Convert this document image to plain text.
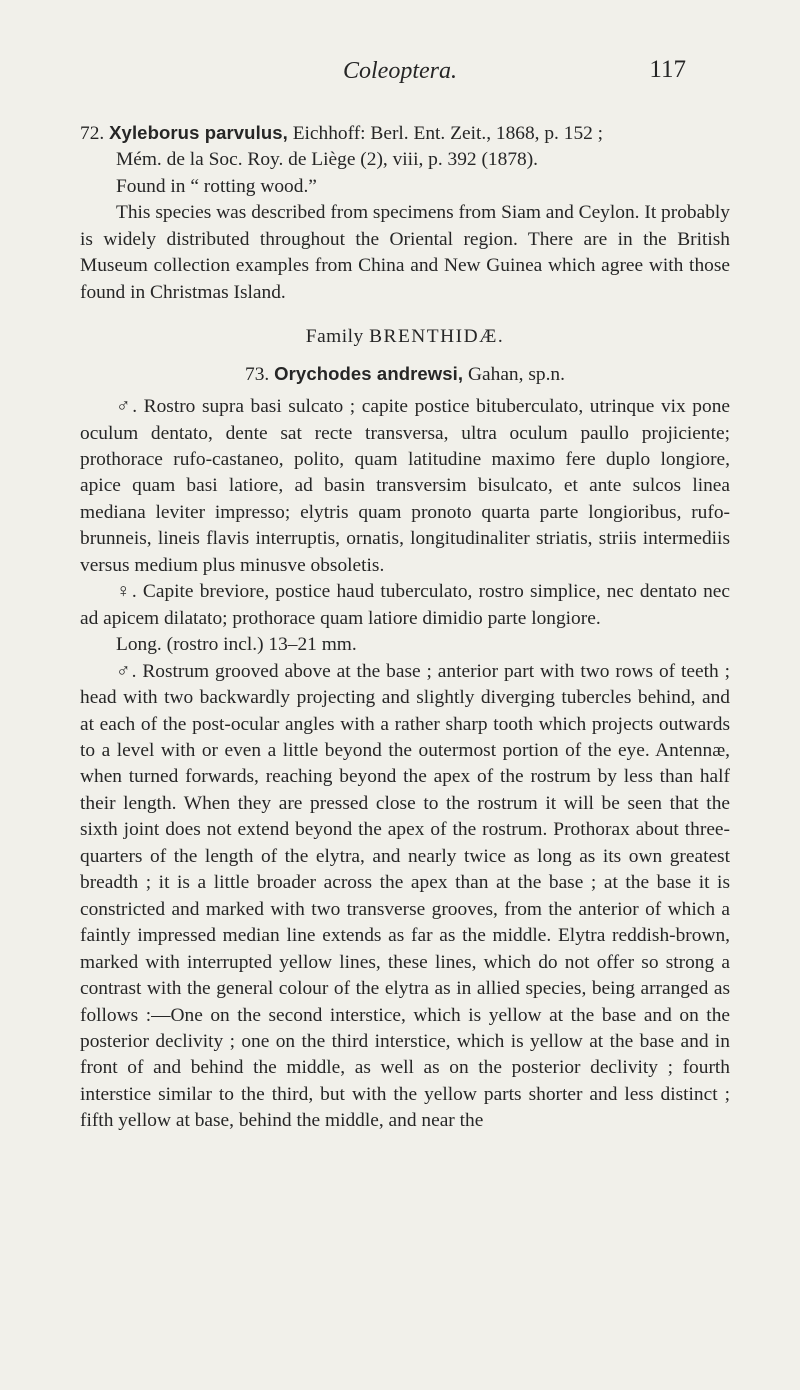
Coleoptera.	117

72. Xyleborus parvulus, Eichhoff: Berl. Ent. Zeit., 1868, p. 152 ;

Mém. de la Soc. Roy. de Liège (2), viii, p. 392 (1878).

Found in “ rotting wood.”

This species was described from specimens from Siam and Ceylon. It probably is widely distributed throughout the Oriental region. There are in the British Museum collection examples from China and New Guinea which agree with those found in Christmas Island.

Family BRENTHIDÆ.

73. Orychodes andrewsi, Gahan, sp.n.

♂. Rostro supra basi sulcato ; capite postice bituberculato, utrinque vix pone oculum dentato, dente sat recte transversa, ultra oculum paullo projiciente; prothorace rufo-castaneo, polito, quam latitudine maximo fere duplo longiore, apice quam basi latiore, ad basin transversim bisulcato, et ante sulcos linea mediana leviter impresso; elytris quam pronoto quarta parte longioribus, rufo-brunneis, lineis flavis interruptis, ornatis, longitudinaliter striatis, striis intermediis versus medium plus minusve obsoletis.

♀. Capite breviore, postice haud tuberculato, rostro simplice, nec dentato nec ad apicem dilatato; prothorace quam latiore dimidio parte longiore.

Long. (rostro incl.) 13–21 mm.

♂. Rostrum grooved above at the base ; anterior part with two rows of teeth ; head with two backwardly projecting and slightly diverging tubercles behind, and at each of the post-ocular angles with a rather sharp tooth which projects outwards to a level with or even a little beyond the outermost portion of the eye. Antennæ, when turned forwards, reaching beyond the apex of the rostrum by less than half their length. When they are pressed close to the rostrum it will be seen that the sixth joint does not extend beyond the apex of the rostrum. Prothorax about three-quarters of the length of the elytra, and nearly twice as long as its own greatest breadth ; it is a little broader across the apex than at the base ; at the base it is constricted and marked with two transverse grooves, from the anterior of which a faintly impressed median line extends as far as the middle. Elytra reddish-brown, marked with interrupted yellow lines, these lines, which do not offer so strong a contrast with the general colour of the elytra as in allied species, being arranged as follows :—One on the second interstice, which is yellow at the base and on the posterior declivity ; one on the third interstice, which is yellow at the base and in front of and behind the middle, as well as on the posterior declivity ; fourth interstice similar to the third, but with the yellow parts shorter and less distinct ; fifth yellow at base, behind the middle, and near the
